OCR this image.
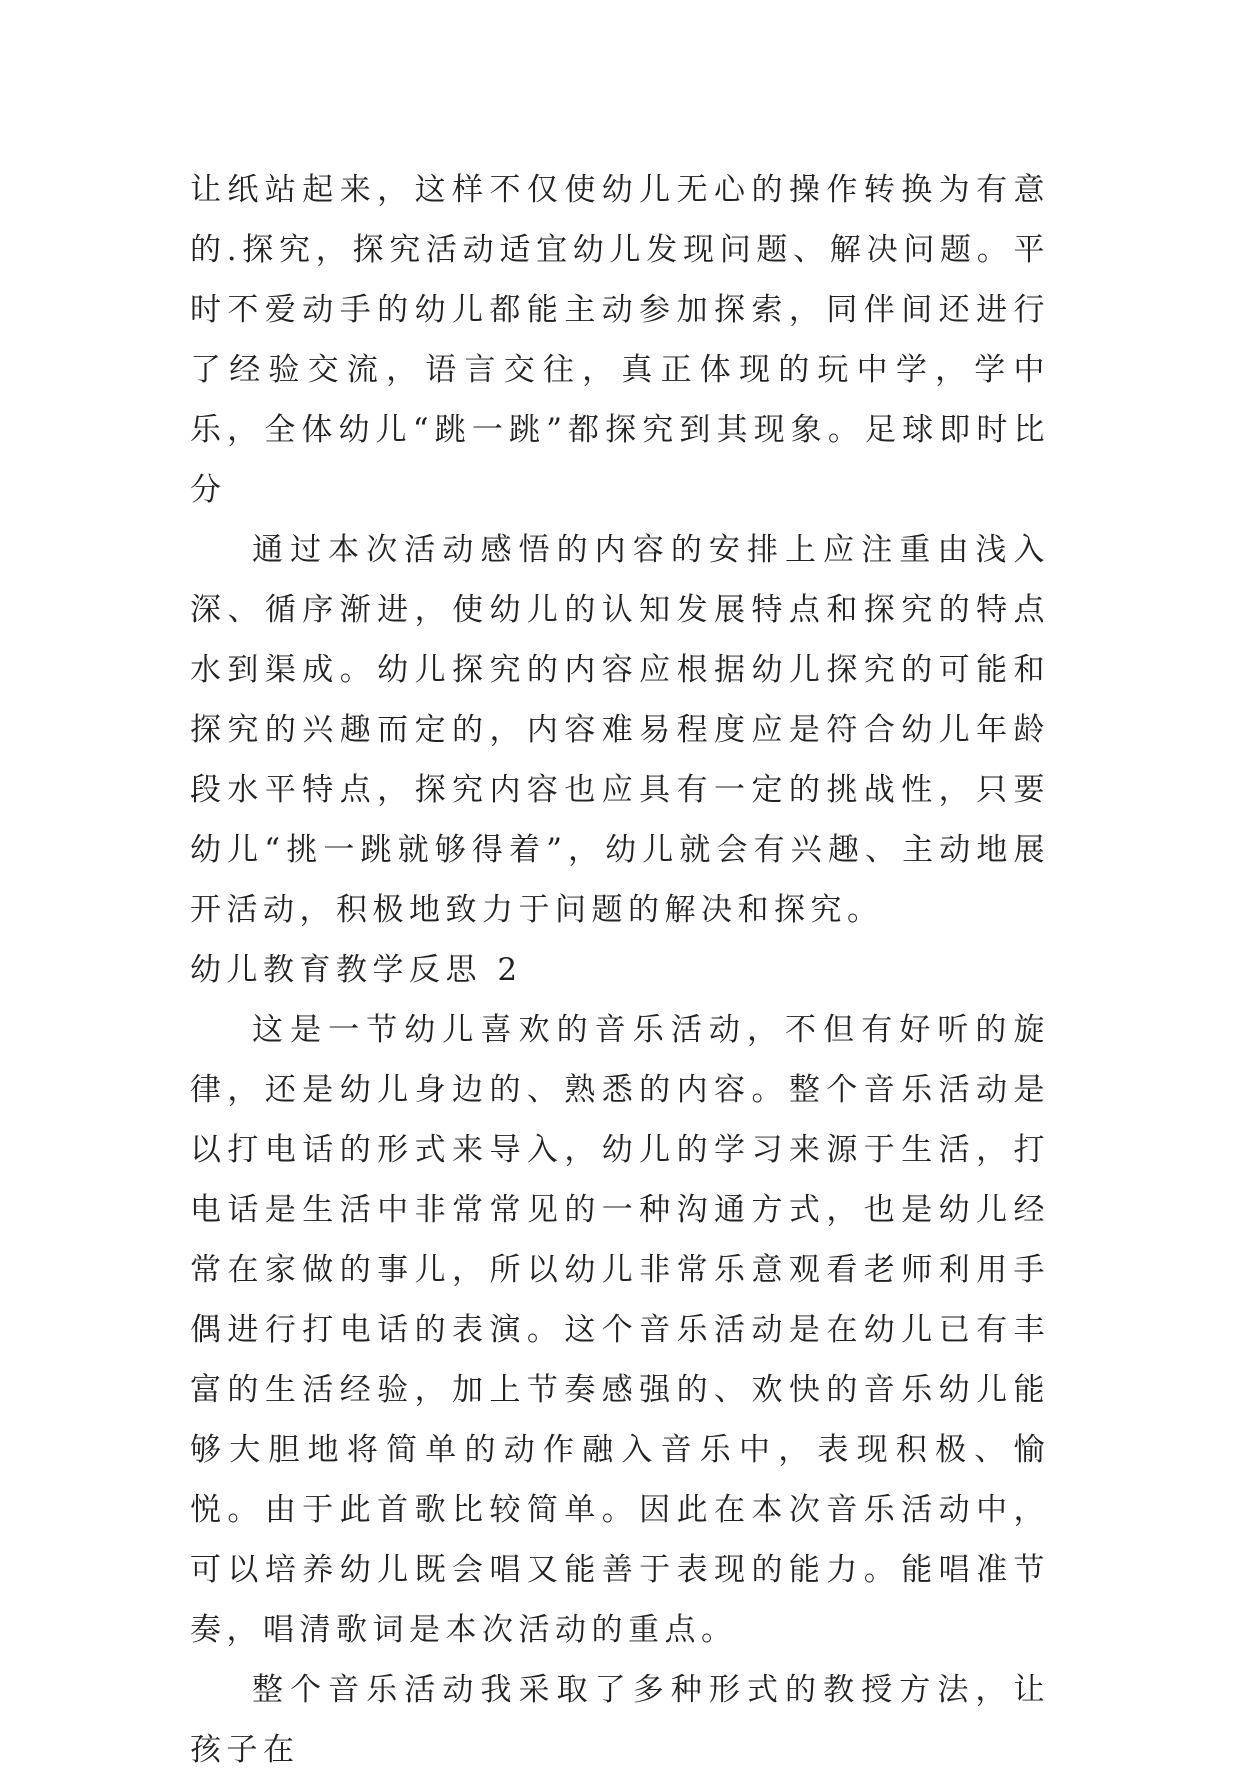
让纸站起来，这样不仅使幼儿无心的操作转换为有意的.探究，探究活动适宜幼儿发现问题、解决问题。平时不爱动手的幼儿都能主动参加探索，同伴间还进行了经验交流，语言交往，真正体现的玩中学，学中乐，全体幼儿“跳一跳”都探究到其现象。足球即时比分

通过本次活动感悟的内容的安排上应注重由浅入深、循序渐进，使幼儿的认知发展特点和探究的特点水到渠成。幼儿探究的内容应根据幼儿探究的可能和探究的兴趣而定的，内容难易程度应是符合幼儿年龄段水平特点，探究内容也应具有一定的挑战性，只要幼儿“挑一跳就够得着”，幼儿就会有兴趣、主动地展开活动，积极地致力于问题的解决和探究。

幼儿教育教学反思 2

这是一节幼儿喜欢的音乐活动，不但有好听的旋律，还是幼儿身边的、熟悉的内容。整个音乐活动是以打电话的形式来导入，幼儿的学习来源于生活，打电话是生活中非常常见的一种沟通方式，也是幼儿经常在家做的事儿，所以幼儿非常乐意观看老师利用手偶进行打电话的表演。这个音乐活动是在幼儿已有丰富的生活经验，加上节奏感强的、欢快的音乐幼儿能够大胆地将简单的动作融入音乐中，表现积极、愉悦。由于此首歌比较简单。因此在本次音乐活动中，可以培养幼儿既会唱又能善于表现的能力。能唱准节奏，唱清歌词是本次活动的重点。

整个音乐活动我采取了多种形式的教授方法，让孩子在
